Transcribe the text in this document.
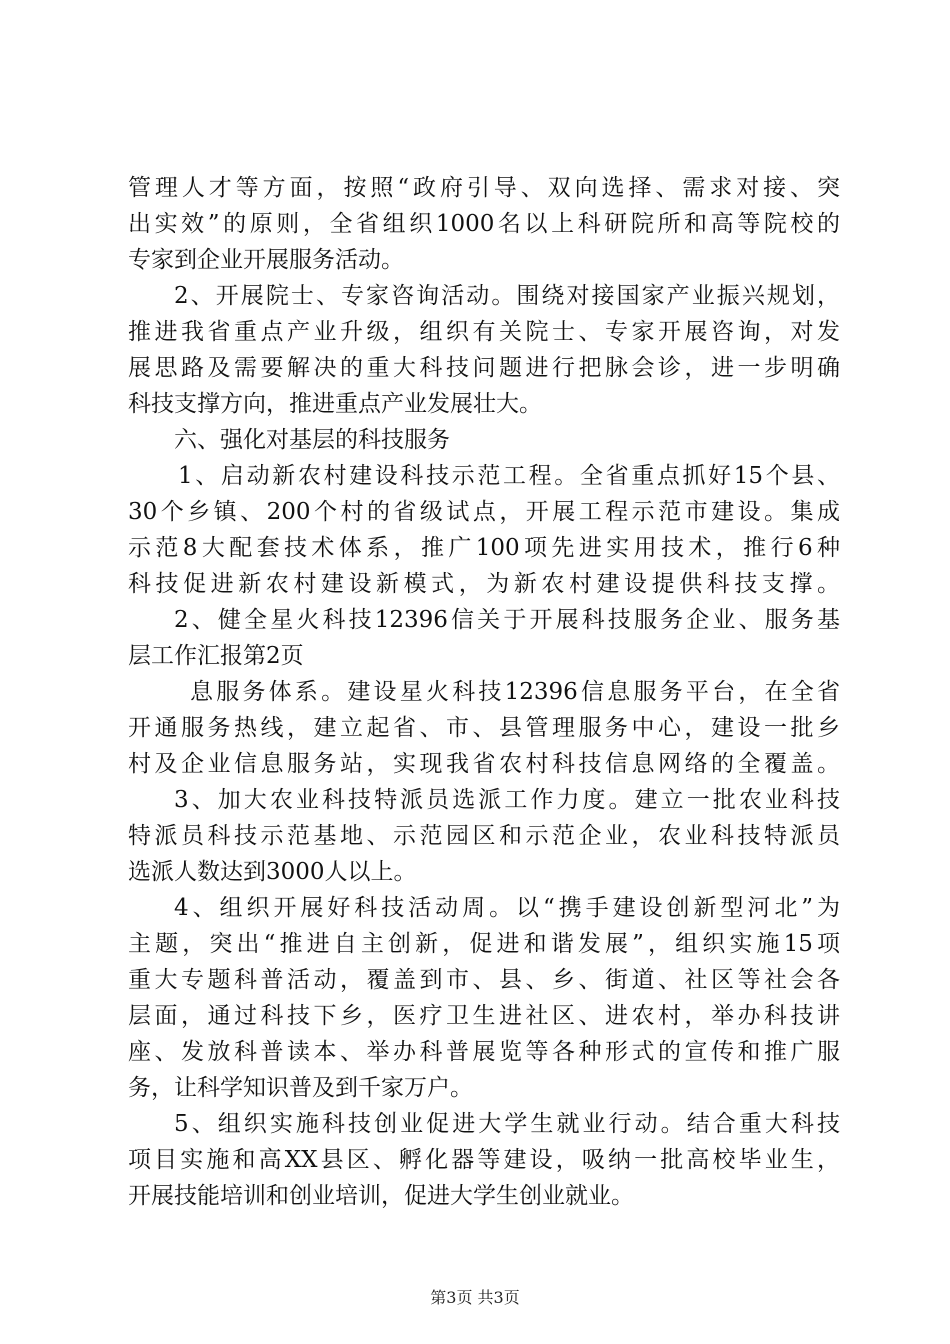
管理人才等方面，按照“政府引导、双向选择、需求对接、突
出实效”的原则，全省组织1000名以上科研院所和高等院校的
专家到企业开展服务活动。
2、开展院士、专家咨询活动。围绕对接国家产业振兴规划，
推进我省重点产业升级，组织有关院士、专家开展咨询，对发
展思路及需要解决的重大科技问题进行把脉会诊，进一步明确
科技支撑方向，推进重点产业发展壮大。
六、强化对基层的科技服务
1、启动新农村建设科技示范工程。全省重点抓好15个县、
30个乡镇、200个村的省级试点，开展工程示范市建设。集成
示范8大配套技术体系，推广100项先进实用技术，推行6种
科技促进新农村建设新模式，为新农村建设提供科技支撑。
2、健全星火科技12396信关于开展科技服务企业、服务基
层工作汇报第2页
息服务体系。建设星火科技12396信息服务平台，在全省
开通服务热线，建立起省、市、县管理服务中心，建设一批乡
村及企业信息服务站，实现我省农村科技信息网络的全覆盖。
3、加大农业科技特派员选派工作力度。建立一批农业科技
特派员科技示范基地、示范园区和示范企业，农业科技特派员
选派人数达到3000人以上。
4、组织开展好科技活动周。以“携手建设创新型河北”为
主题，突出“推进自主创新，促进和谐发展”，组织实施15项
重大专题科普活动，覆盖到市、县、乡、街道、社区等社会各
层面，通过科技下乡，医疗卫生进社区、进农村，举办科技讲
座、发放科普读本、举办科普展览等各种形式的宣传和推广服
务，让科学知识普及到千家万户。
5、组织实施科技创业促进大学生就业行动。结合重大科技
项目实施和高XX县区、孵化器等建设，吸纳一批高校毕业生，
开展技能培训和创业培训，促进大学生创业就业。
第3页 共3页
